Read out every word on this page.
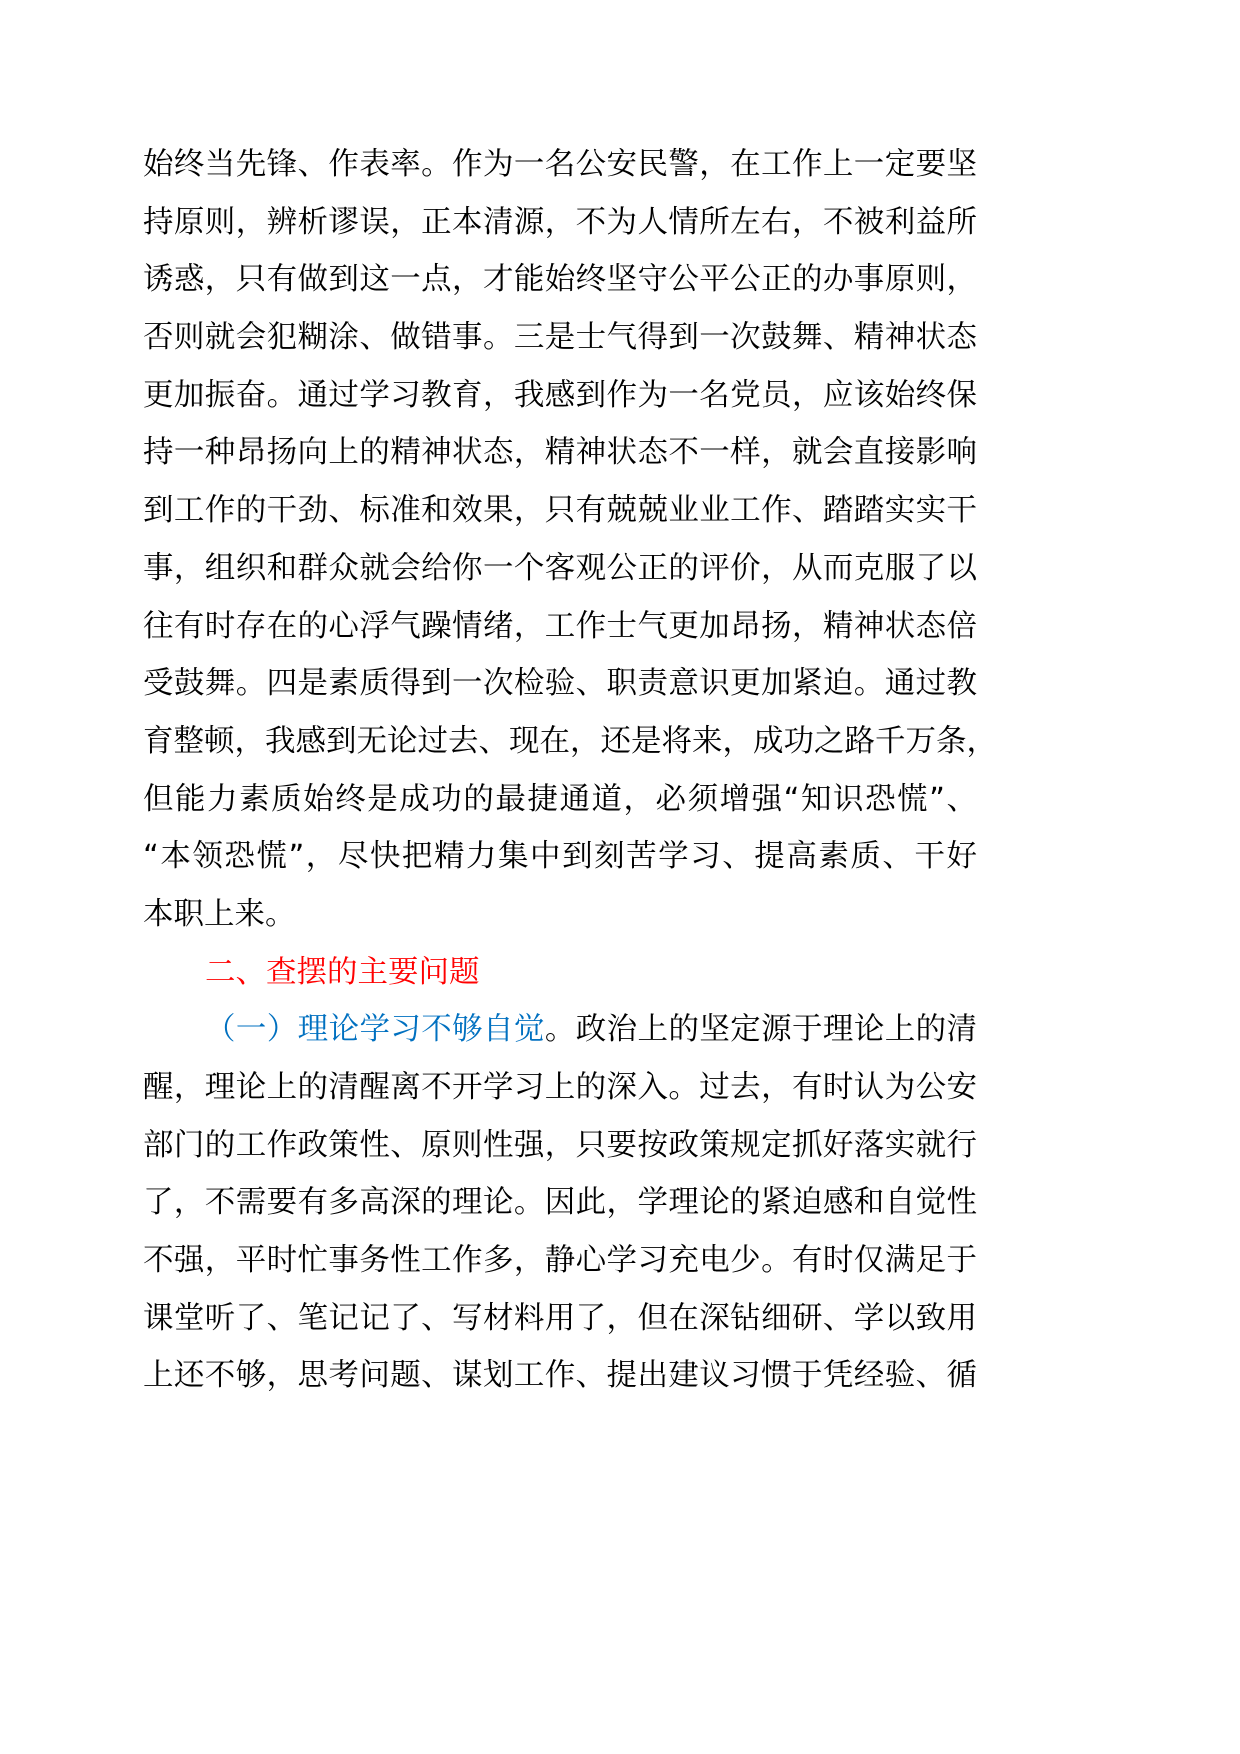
始终当先锋、作表率。作为一名公安民警，在工作上一定要坚
持原则，辨析谬误，正本清源，不为人情所左右，不被利益所
诱惑，只有做到这一点，才能始终坚守公平公正的办事原则，
否则就会犯糊涂、做错事。三是士气得到一次鼓舞、精神状态
更加振奋。通过学习教育，我感到作为一名党员，应该始终保
持一种昂扬向上的精神状态，精神状态不一样，就会直接影响
到工作的干劲、标准和效果，只有兢兢业业工作、踏踏实实干
事，组织和群众就会给你一个客观公正的评价，从而克服了以
往有时存在的心浮气躁情绪，工作士气更加昂扬，精神状态倍
受鼓舞。四是素质得到一次检验、职责意识更加紧迫。通过教
育整顿，我感到无论过去、现在，还是将来，成功之路千万条，
但能力素质始终是成功的最捷通道，必须增强“知识恐慌”、
“本领恐慌”，尽快把精力集中到刻苦学习、提高素质、干好
本职上来。
二、查摆的主要问题
（一）理论学习不够自觉。政治上的坚定源于理论上的清
醒，理论上的清醒离不开学习上的深入。过去，有时认为公安
部门的工作政策性、原则性强，只要按政策规定抓好落实就行
了，不需要有多高深的理论。因此，学理论的紧迫感和自觉性
不强，平时忙事务性工作多，静心学习充电少。有时仅满足于
课堂听了、笔记记了、写材料用了，但在深钻细研、学以致用
上还不够，思考问题、谋划工作、提出建议习惯于凭经验、循
